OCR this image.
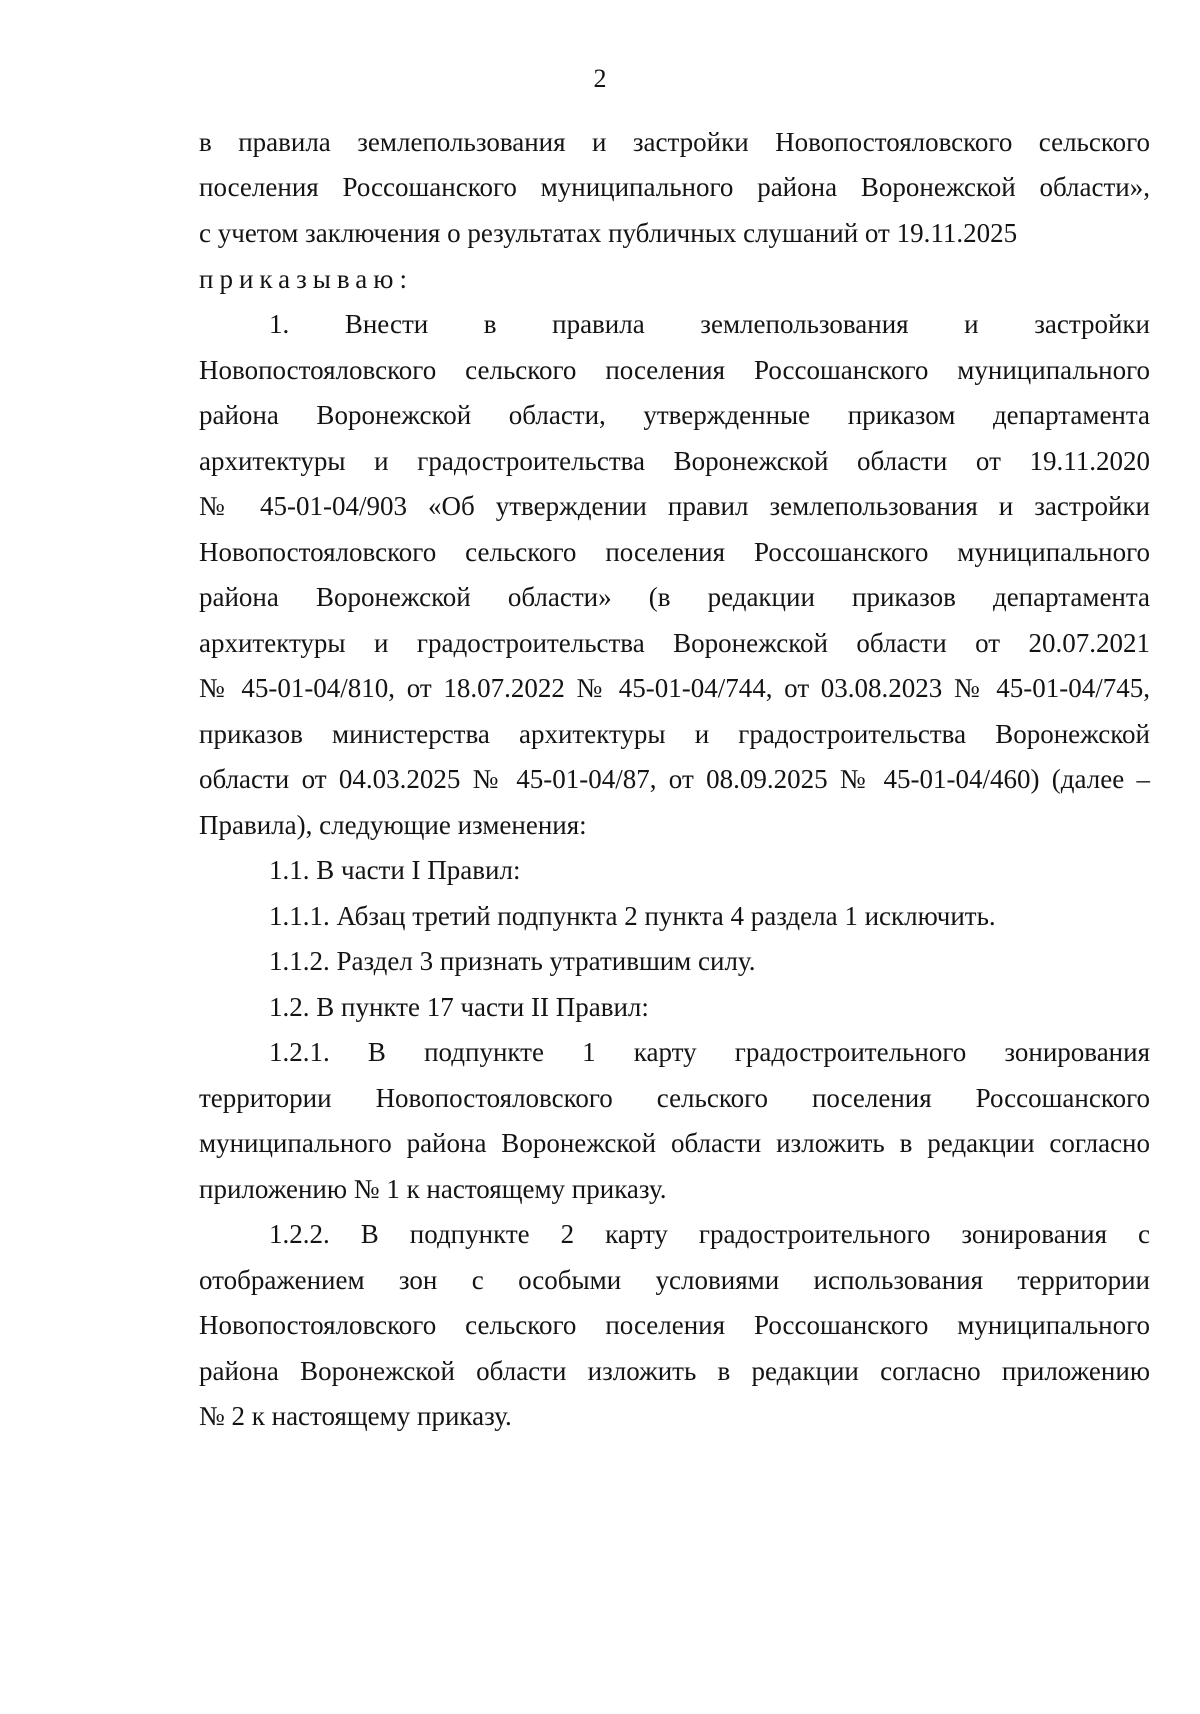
2
в правила землепользования и застройки Новопостояловского сельского
поселения Россошанского муниципального района Воронежской области»,
с учетом заключения о результатах публичных слушаний от 19.11.2025
приказываю:
1. Внести в правила землепользования и застройки
Новопостояловского сельского поселения Россошанского муниципального
района Воронежской области, утвержденные приказом департамента
архитектуры и градостроительства Воронежской области от 19.11.2020
№ 45-01-04/903 «Об утверждении правил землепользования и застройки
Новопостояловского сельского поселения Россошанского муниципального
района Воронежской области» (в редакции приказов департамента
архитектуры и градостроительства Воронежской области от 20.07.2021
№ 45-01-04/810, от 18.07.2022 № 45-01-04/744, от 03.08.2023 № 45-01-04/745,
приказов министерства архитектуры и градостроительства Воронежской
области от 04.03.2025 № 45-01-04/87, от 08.09.2025 № 45-01-04/460) (далее –
Правила), следующие изменения:
1.1. В части I Правил:
1.1.1. Абзац третий подпункта 2 пункта 4 раздела 1 исключить.
1.1.2. Раздел 3 признать утратившим силу.
1.2. В пункте 17 части II Правил:
1.2.1. В подпункте 1 карту градостроительного зонирования
территории Новопостояловского сельского поселения Россошанского
муниципального района Воронежской области изложить в редакции согласно
приложению № 1 к настоящему приказу.
1.2.2. В подпункте 2 карту градостроительного зонирования с
отображением зон с особыми условиями использования территории
Новопостояловского сельского поселения Россошанского муниципального
района Воронежской области изложить в редакции согласно приложению
№ 2 к настоящему приказу.
